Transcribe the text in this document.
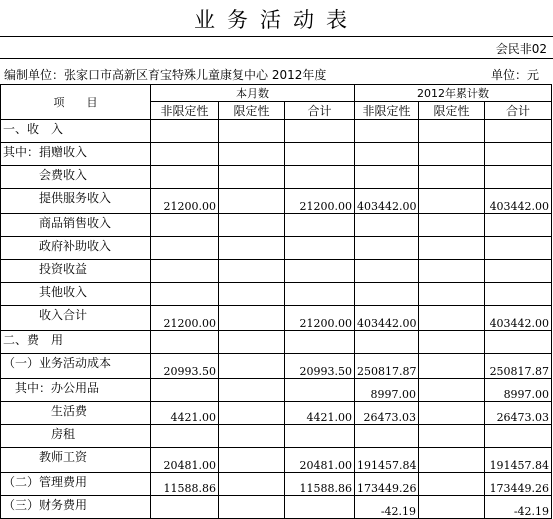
业务活动表
会民非02
编制单位：张家口市高新区育宝特殊儿童康复中心 2012年度	单位：元
项　　目	本月数			2012年累计数		
	非限定性	限定性	合计	非限定性	限定性	合计
一、收　入						
其中：捐赠收入						
会费收入						
提供服务收入	21200.00		21200.00	403442.00		403442.00
商品销售收入						
政府补助收入						
投资收益						
其他收入						
收入合计	21200.00		21200.00	403442.00		403442.00
二、费　用						
（一）业务活动成本	20993.50		20993.50	250817.87		250817.87
其中：办公用品				8997.00		8997.00
生活费	4421.00		4421.00	26473.03		26473.03
房租						
教师工资	20481.00		20481.00	191457.84		191457.84
（二）管理费用	11588.86		11588.86	173449.26		173449.26
（三）财务费用				-42.19		-42.19
